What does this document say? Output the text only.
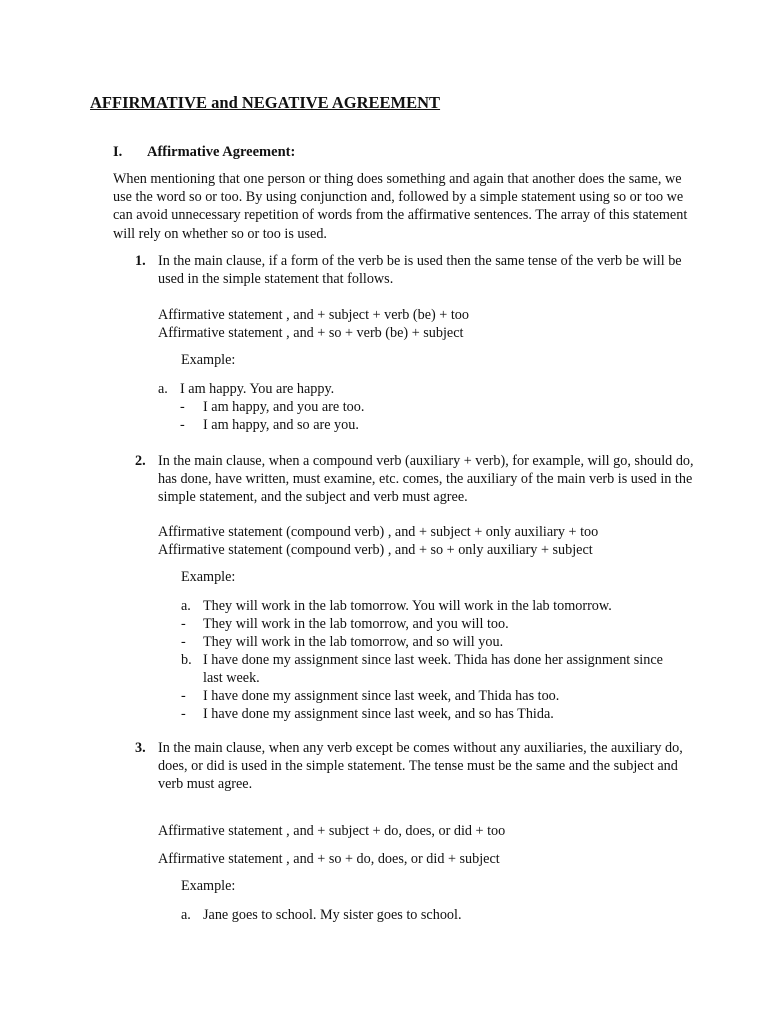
AFFIRMATIVE and NEGATIVE AGREEMENT
I. Affirmative Agreement:
When mentioning that one person or thing does something and again that another does the same, we use the word so or too. By using conjunction and, followed by a simple statement using so or too we can avoid unnecessary repetition of words from the affirmative sentences. The array of this statement will rely on whether so or too is used.
1. In the main clause, if a form of the verb be is used then the same tense of the verb be will be used in the simple statement that follows.
Affirmative statement , and + subject + verb (be) + too
Affirmative statement , and + so + verb (be) + subject
Example:
a. I am happy. You are happy.
- I am happy, and you are too.
- I am happy, and so are you.
2. In the main clause, when a compound verb (auxiliary + verb), for example, will go, should do, has done, have written, must examine, etc. comes, the auxiliary of the main verb is used in the simple statement, and the subject and verb must agree.
Affirmative statement (compound verb) , and + subject + only auxiliary + too
Affirmative statement (compound verb) , and + so + only auxiliary + subject
Example:
a. They will work in the lab tomorrow. You will work in the lab tomorrow.
- They will work in the lab tomorrow, and you will too.
- They will work in the lab tomorrow, and so will you.
b. I have done my assignment since last week. Thida has done her assignment since last week.
- I have done my assignment since last week, and Thida has too.
- I have done my assignment since last week, and so has Thida.
3. In the main clause, when any verb except be comes without any auxiliaries, the auxiliary do, does, or did is used in the simple statement. The tense must be the same and the subject and verb must agree.
Affirmative statement , and + subject + do, does, or did + too
Affirmative statement , and + so + do, does, or did + subject
Example:
a. Jane goes to school. My sister goes to school.
